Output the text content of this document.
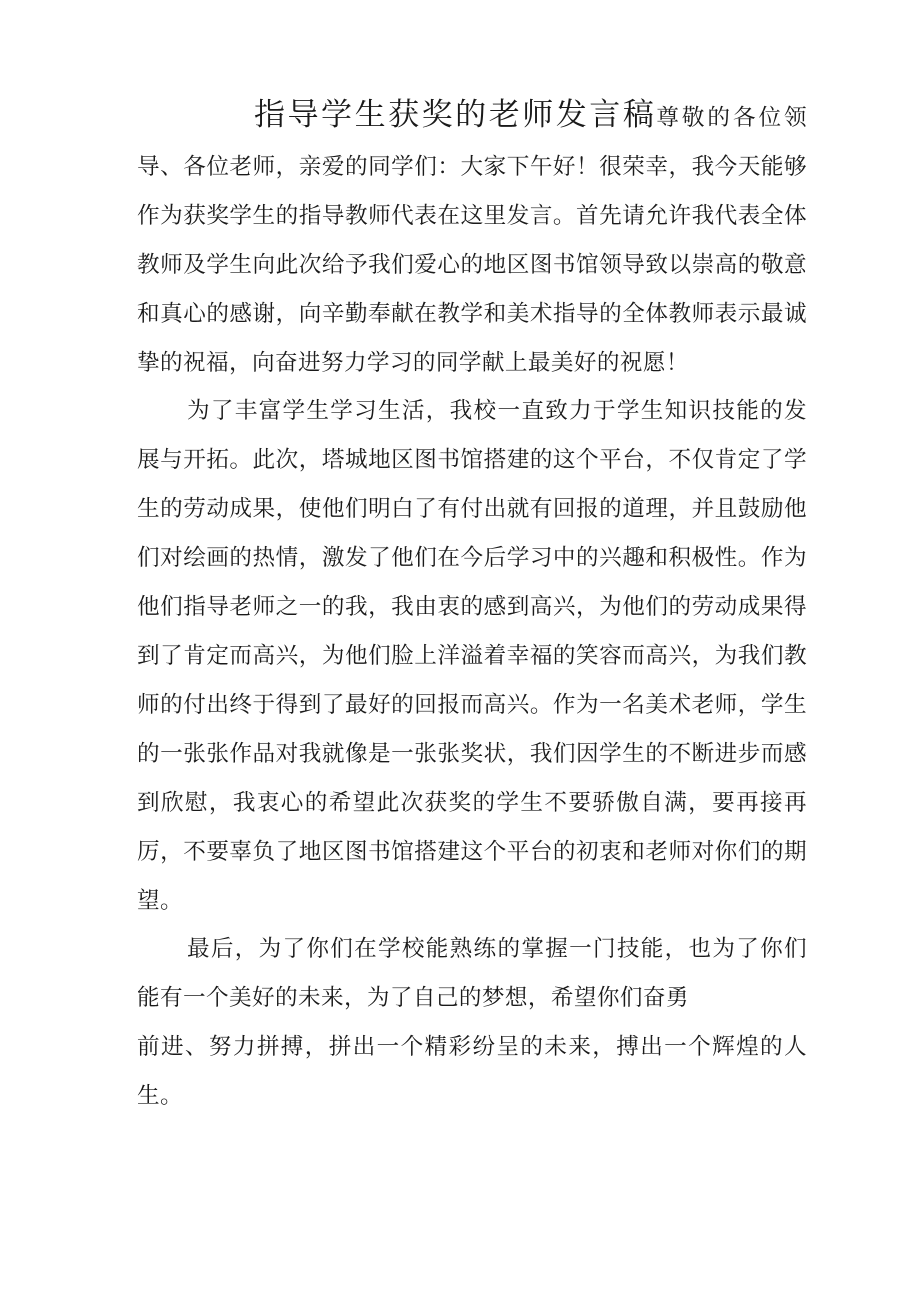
指导学生获奖的老师发言稿尊敬的各位领导、各位老师，亲爱的同学们：大家下午好！很荣幸，我今天能够作为获奖学生的指导教师代表在这里发言。首先请允许我代表全体教师及学生向此次给予我们爱心的地区图书馆领导致以崇高的敬意和真心的感谢，向辛勤奉献在教学和美术指导的全体教师表示最诚挚的祝福，向奋进努力学习的同学献上最美好的祝愿！

为了丰富学生学习生活，我校一直致力于学生知识技能的发展与开拓。此次，塔城地区图书馆搭建的这个平台，不仅肯定了学生的劳动成果，使他们明白了有付出就有回报的道理，并且鼓励他们对绘画的热情，激发了他们在今后学习中的兴趣和积极性。作为他们指导老师之一的我，我由衷的感到高兴，为他们的劳动成果得到了肯定而高兴，为他们脸上洋溢着幸福的笑容而高兴，为我们教师的付出终于得到了最好的回报而高兴。作为一名美术老师，学生的一张张作品对我就像是一张张奖状，我们因学生的不断进步而感到欣慰，我衷心的希望此次获奖的学生不要骄傲自满，要再接再厉，不要辜负了地区图书馆搭建这个平台的初衷和老师对你们的期望。

最后，为了你们在学校能熟练的掌握一门技能，也为了你们能有一个美好的未来，为了自己的梦想，希望你们奋勇
前进、努力拼搏，拼出一个精彩纷呈的未来，搏出一个辉煌的人生。
